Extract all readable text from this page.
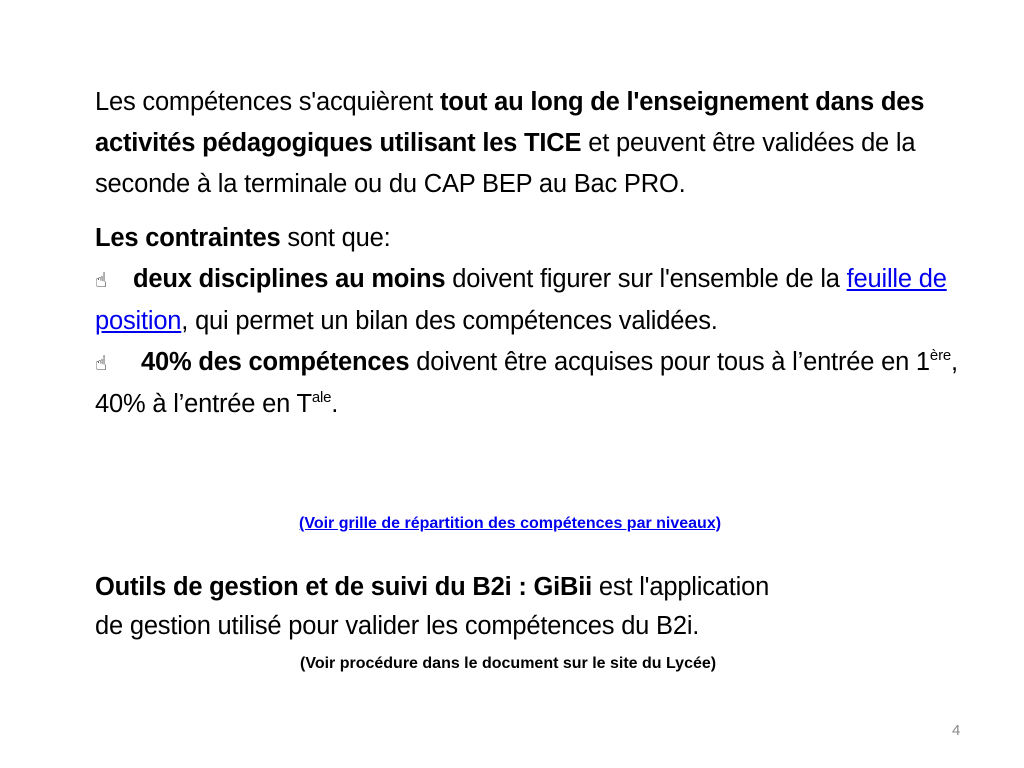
Les compétences s'acquièrent tout au long de l'enseignement dans des activités pédagogiques utilisant les TICE et peuvent être validées de la seconde à la terminale ou du CAP BEP au Bac PRO.

Les contraintes sont que:

☝ deux disciplines au moins doivent figurer sur l'ensemble de la feuille de position, qui permet un bilan des compétences validées.

☝ 40% des compétences doivent être acquises pour tous à l’entrée en 1ère, 40% à l’entrée en $T^{ale}$.

(Voir grille de répartition des compétences par niveaux)

Outils de gestion et de suivi du B2i : GiBii est l'application

de gestion utilisé pour valider les compétences du B2i.

(Voir procédure dans le document sur le site du Lycée)
4
